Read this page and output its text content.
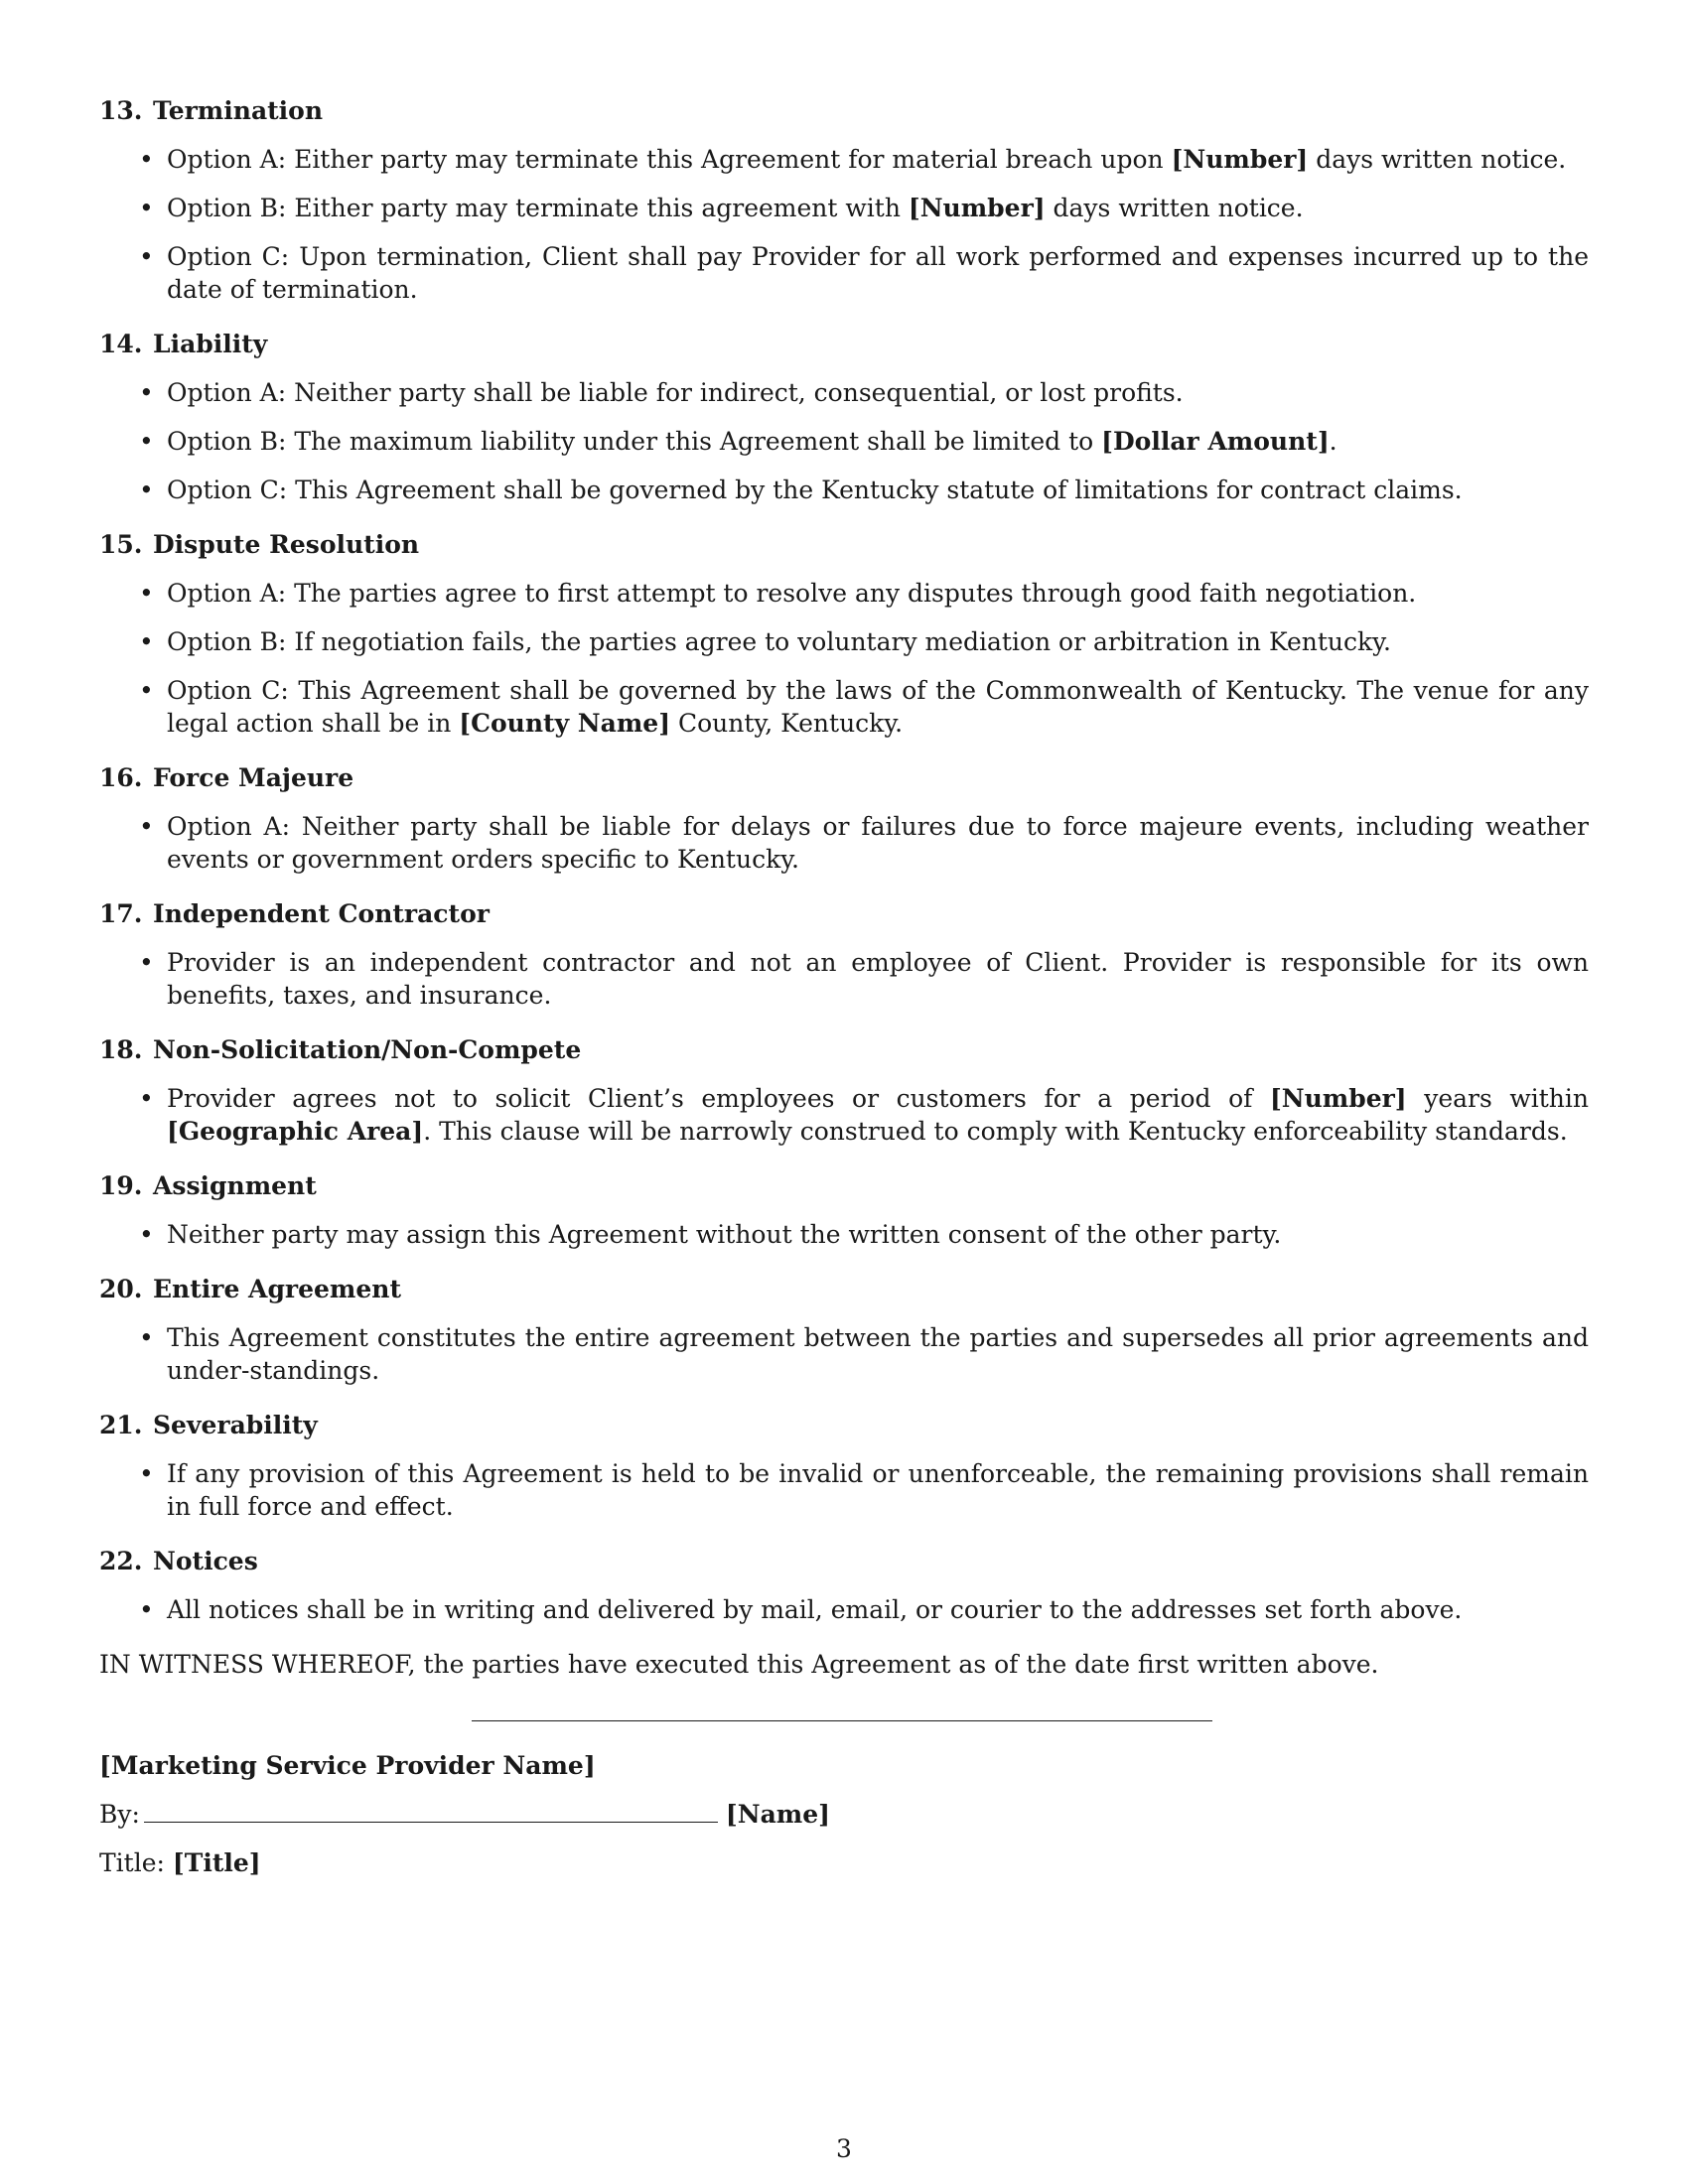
13. Termination
• Option A: Either party may terminate this Agreement for material breach upon [Number] days written notice.
• Option B: Either party may terminate this agreement with [Number] days written notice.
• Option C: Upon termination, Client shall pay Provider for all work performed and expenses incurred up to the date of termination.
14. Liability
• Option A: Neither party shall be liable for indirect, consequential, or lost profits.
• Option B: The maximum liability under this Agreement shall be limited to [Dollar Amount].
• Option C: This Agreement shall be governed by the Kentucky statute of limitations for contract claims.
15. Dispute Resolution
• Option A: The parties agree to first attempt to resolve any disputes through good faith negotiation.
• Option B: If negotiation fails, the parties agree to voluntary mediation or arbitration in Kentucky.
• Option C: This Agreement shall be governed by the laws of the Commonwealth of Kentucky. The venue for any legal action shall be in [County Name] County, Kentucky.
16. Force Majeure
• Option A: Neither party shall be liable for delays or failures due to force majeure events, including weather events or government orders specific to Kentucky.
17. Independent Contractor
• Provider is an independent contractor and not an employee of Client. Provider is responsible for its own benefits, taxes, and insurance.
18. Non-Solicitation/Non-Compete
• Provider agrees not to solicit Client’s employees or customers for a period of [Number] years within [Geographic Area]. This clause will be narrowly construed to comply with Kentucky enforceability standards.
19. Assignment
• Neither party may assign this Agreement without the written consent of the other party.
20. Entire Agreement
• This Agreement constitutes the entire agreement between the parties and supersedes all prior agreements and under-standings.
21. Severability
• If any provision of this Agreement is held to be invalid or unenforceable, the remaining provisions shall remain in full force and effect.
22. Notices
• All notices shall be in writing and delivered by mail, email, or courier to the addresses set forth above.
IN WITNESS WHEREOF, the parties have executed this Agreement as of the date first written above.
[Marketing Service Provider Name]
By:	[Name]
Title: [Title]
3
